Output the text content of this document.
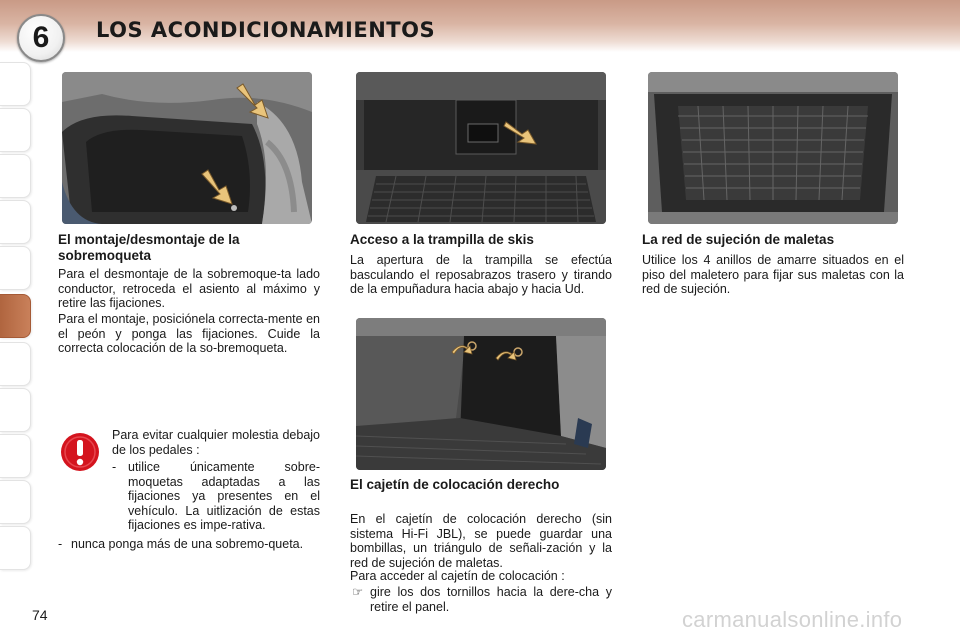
6	LOS ACONDICIONAMIENTOS
El montaje/desmontaje de la sobremoqueta

Para el desmontaje de la sobremoque-ta lado conductor, retroceda el asiento al máximo y retire las fijaciones.

Para el montaje, posiciónela correcta-mente en el peón y ponga las fijaciones. Cuide la correcta colocación de la so-bremoqueta.

Para evitar cualquier molestia debajo de los pedales :

- utilice únicamente sobre-moquetas adaptadas a las fijaciones ya presentes en el vehículo. La uitlización de estas fijaciones es impe-rativa.
- nunca ponga más de una sobremo-queta.
Acceso a la trampilla de skis

La apertura de la trampilla se efectúa basculando el reposabrazos trasero y tirando de la empuñadura hacia abajo y hacia Ud.

El cajetín de colocación derecho

En el cajetín de colocación derecho (sin sistema Hi-Fi JBL), se puede guardar una bombillas, un triángulo de señali-zación y la red de sujeción de maletas.

Para acceder al cajetín de colocación :

☞ gire los dos tornillos hacia la dere-cha y retire el panel.
La red de sujeción de maletas

Utilice los 4 anillos de amarre situados en el piso del maletero para fijar sus maletas con la red de sujeción.

74	carmanualsonline.info
